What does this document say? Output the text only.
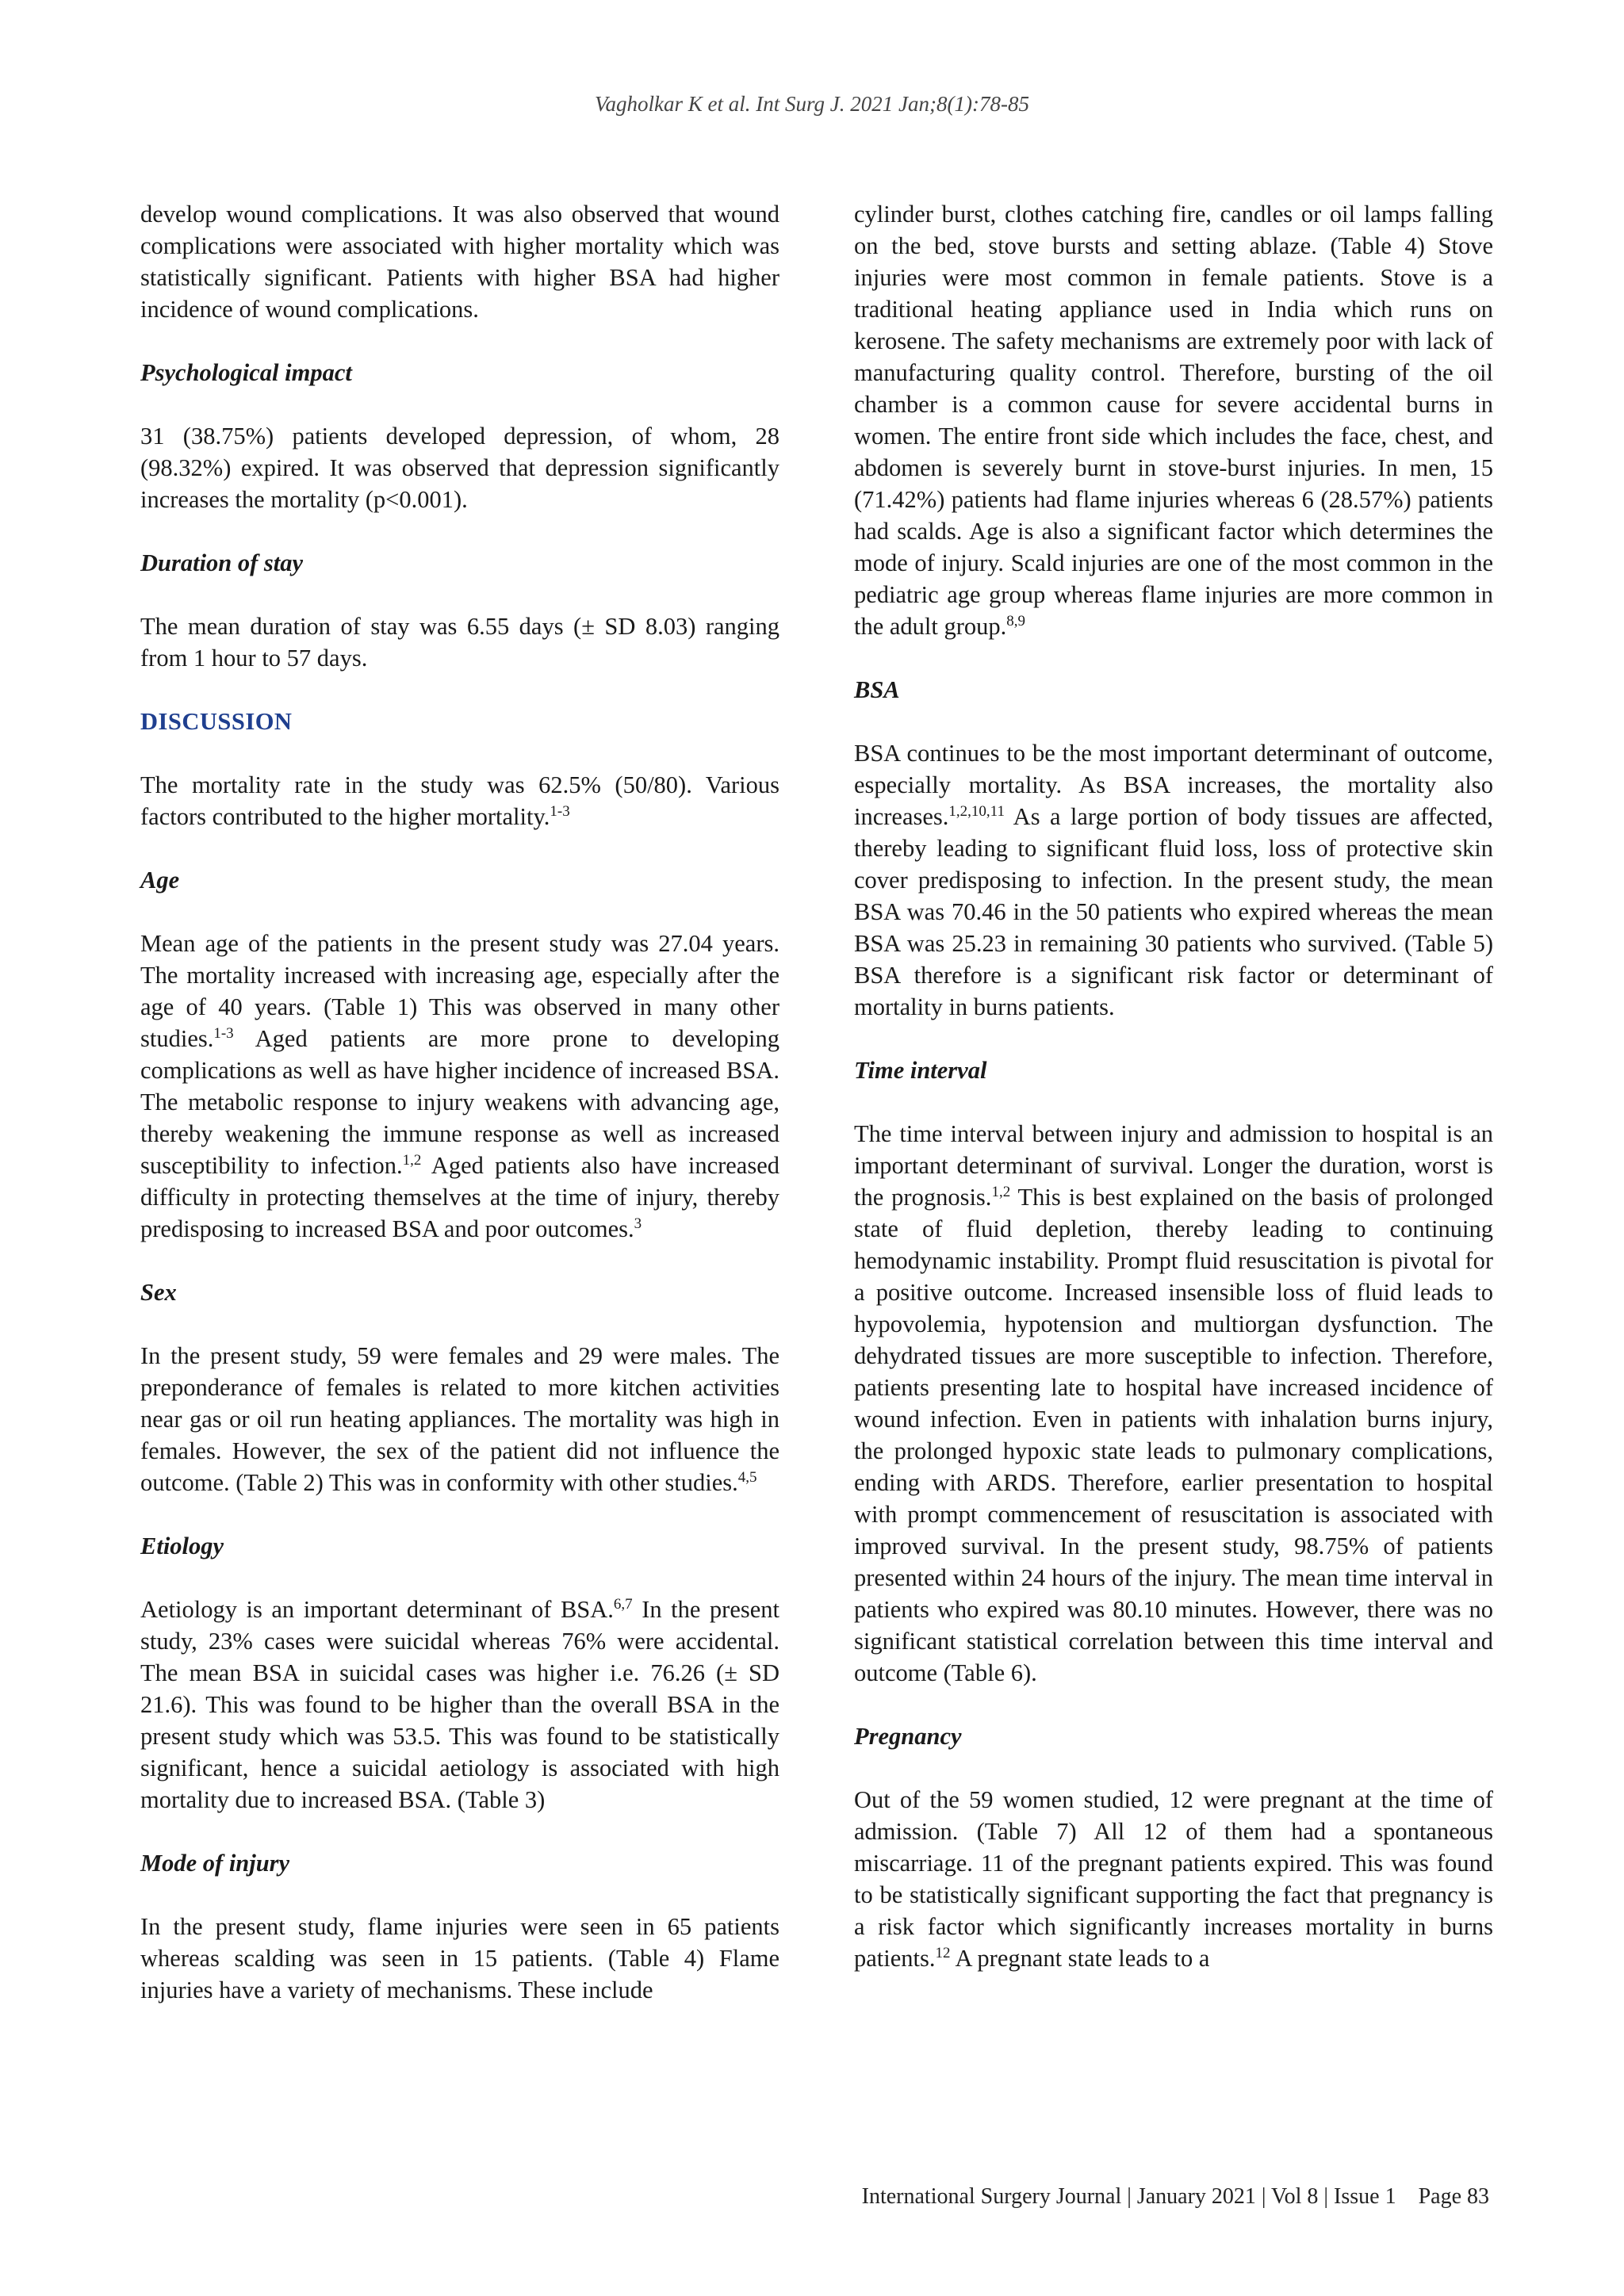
Vagholkar K et al. Int Surg J. 2021 Jan;8(1):78-85

develop wound complications. It was also observed that wound complications were associated with higher mortality which was statistically significant. Patients with higher BSA had higher incidence of wound complications.

Psychological impact

31 (38.75%) patients developed depression, of whom, 28 (98.32%) expired. It was observed that depression significantly increases the mortality (p<0.001).

Duration of stay

The mean duration of stay was 6.55 days (± SD 8.03) ranging from 1 hour to 57 days.

DISCUSSION

The mortality rate in the study was 62.5% (50/80). Various factors contributed to the higher mortality.$^{1-3}$

Age

Mean age of the patients in the present study was 27.04 years. The mortality increased with increasing age, especially after the age of 40 years. (Table 1) This was observed in many other studies.$^{1-3}$ Aged patients are more prone to developing complications as well as have higher incidence of increased BSA. The metabolic response to injury weakens with advancing age, thereby weakening the immune response as well as increased susceptibility to infection.$^{1,2}$ Aged patients also have increased difficulty in protecting themselves at the time of injury, thereby predisposing to increased BSA and poor outcomes.$^3$

Sex

In the present study, 59 were females and 29 were males. The preponderance of females is related to more kitchen activities near gas or oil run heating appliances. The mortality was high in females. However, the sex of the patient did not influence the outcome. (Table 2) This was in conformity with other studies.$^{4,5}$

Etiology

Aetiology is an important determinant of BSA.$^{6,7}$ In the present study, 23% cases were suicidal whereas 76% were accidental. The mean BSA in suicidal cases was higher i.e. 76.26 (± SD 21.6). This was found to be higher than the overall BSA in the present study which was 53.5. This was found to be statistically significant, hence a suicidal aetiology is associated with high mortality due to increased BSA. (Table 3)

Mode of injury

In the present study, flame injuries were seen in 65 patients whereas scalding was seen in 15 patients. (Table 4) Flame injuries have a variety of mechanisms. These include

cylinder burst, clothes catching fire, candles or oil lamps falling on the bed, stove bursts and setting ablaze. (Table 4) Stove injuries were most common in female patients. Stove is a traditional heating appliance used in India which runs on kerosene. The safety mechanisms are extremely poor with lack of manufacturing quality control. Therefore, bursting of the oil chamber is a common cause for severe accidental burns in women. The entire front side which includes the face, chest, and abdomen is severely burnt in stove-burst injuries. In men, 15 (71.42%) patients had flame injuries whereas 6 (28.57%) patients had scalds. Age is also a significant factor which determines the mode of injury. Scald injuries are one of the most common in the pediatric age group whereas flame injuries are more common in the adult group.$^{8,9}$

BSA

BSA continues to be the most important determinant of outcome, especially mortality. As BSA increases, the mortality also increases.$^{1,2,10,11}$ As a large portion of body tissues are affected, thereby leading to significant fluid loss, loss of protective skin cover predisposing to infection. In the present study, the mean BSA was 70.46 in the 50 patients who expired whereas the mean BSA was 25.23 in remaining 30 patients who survived. (Table 5) BSA therefore is a significant risk factor or determinant of mortality in burns patients.

Time interval

The time interval between injury and admission to hospital is an important determinant of survival. Longer the duration, worst is the prognosis.$^{1,2}$ This is best explained on the basis of prolonged state of fluid depletion, thereby leading to continuing hemodynamic instability. Prompt fluid resuscitation is pivotal for a positive outcome. Increased insensible loss of fluid leads to hypovolemia, hypotension and multiorgan dysfunction. The dehydrated tissues are more susceptible to infection. Therefore, patients presenting late to hospital have increased incidence of wound infection. Even in patients with inhalation burns injury, the prolonged hypoxic state leads to pulmonary complications, ending with ARDS. Therefore, earlier presentation to hospital with prompt commencement of resuscitation is associated with improved survival. In the present study, 98.75% of patients presented within 24 hours of the injury. The mean time interval in patients who expired was 80.10 minutes. However, there was no significant statistical correlation between this time interval and outcome (Table 6).

Pregnancy

Out of the 59 women studied, 12 were pregnant at the time of admission. (Table 7) All 12 of them had a spontaneous miscarriage. 11 of the pregnant patients expired. This was found to be statistically significant supporting the fact that pregnancy is a risk factor which significantly increases mortality in burns patients.$^{12}$ A pregnant state leads to a

International Surgery Journal | January 2021 | Vol 8 | Issue 1    Page 83
